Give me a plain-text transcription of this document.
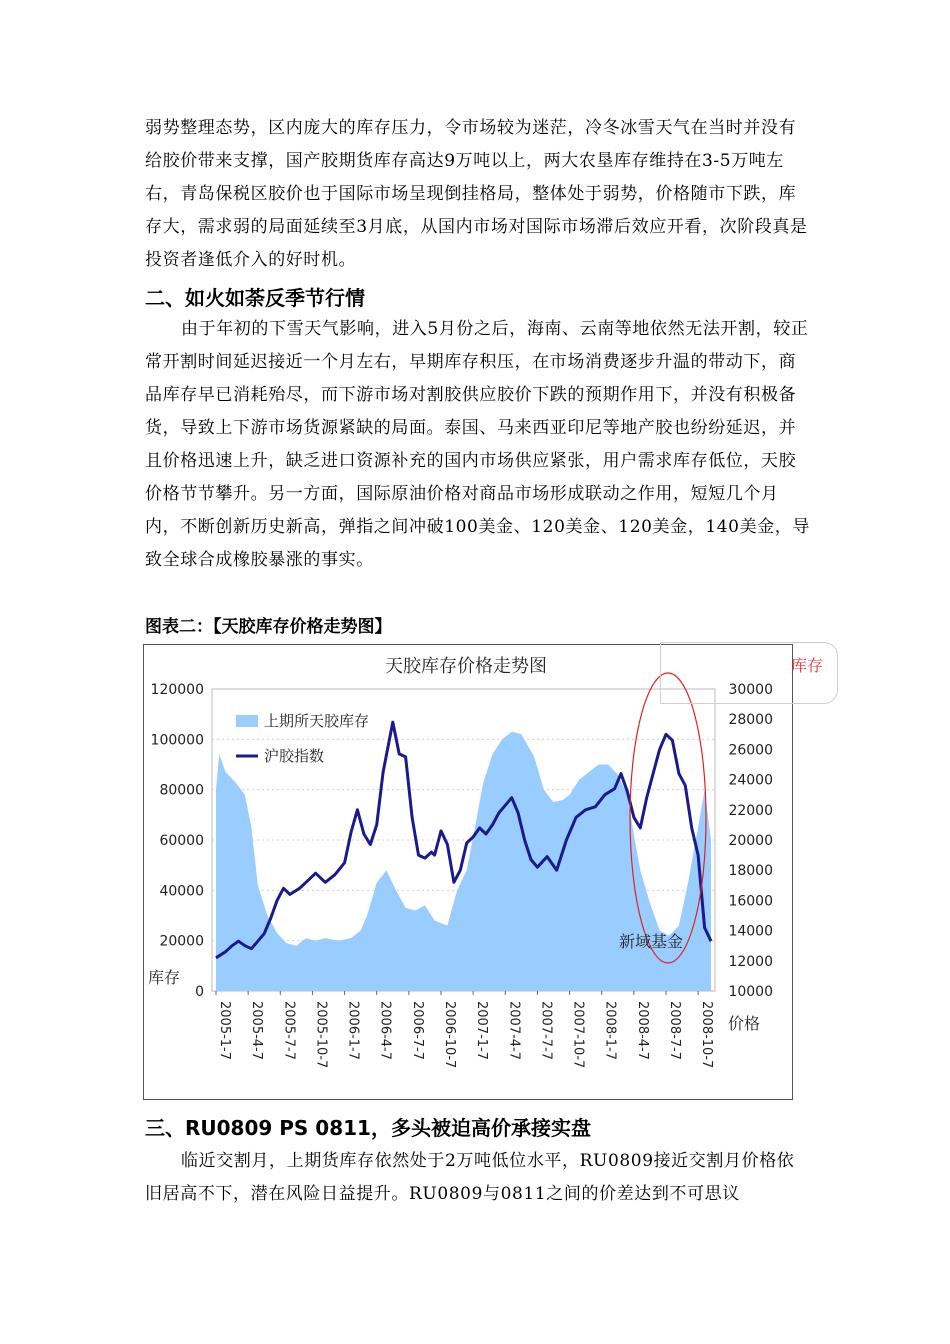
弱势整理态势，区内庞大的库存压力，令市场较为迷茫，冷冬冰雪天气在当时并没有给胶价带来支撑，国产胶期货库存高达9万吨以上，两大农垦库存维持在3-5万吨左右，青岛保税区胶价也于国际市场呈现倒挂格局，整体处于弱势，价格随市下跌，库存大，需求弱的局面延续至3月底，从国内市场对国际市场滞后效应开看，次阶段真是投资者逢低介入的好时机。

二、如火如荼反季节行情

由于年初的下雪天气影响，进入5月份之后，海南、云南等地依然无法开割，较正常开割时间延迟接近一个月左右，早期库存积压，在市场消费逐步升温的带动下，商品库存早已消耗殆尽，而下游市场对割胶供应胶价下跌的预期作用下，并没有积极备货，导致上下游市场货源紧缺的局面。泰国、马来西亚印尼等地产胶也纷纷延迟，并且价格迅速上升，缺乏进口资源补充的国内市场供应紧张，用户需求库存低位，天胶价格节节攀升。另一方面，国际原油价格对商品市场形成联动之作用，短短几个月内，不断创新历史新高，弹指之间冲破100美金、120美金、120美金，140美金，导致全球合成橡胶暴涨的事实。

图表二：【天胶库存价格走势图】

天胶库存价格走势图
新域基金
库存
价格
120000
100000
80000
60000
40000
20000
0
30000
28000
26000
24000
22000
20000
18000
16000
14000
12000
10000
2005-1-7 2005-4-7 2005-7-7 2005-10-7 2006-1-7 2006-4-7 2006-7-7 2006-10-7 2007-1-7 2007-4-7 2007-7-7 2007-10-7 2008-1-7 2008-4-7 2008-7-7 2008-10-7
上期所天胶库存
沪胶指数
库存
三、RU0809 PS 0811，多头被迫高价承接实盘

临近交割月，上期货库存依然处于2万吨低位水平，RU0809接近交割月价格依旧居高不下，潜在风险日益提升。RU0809与0811之间的价差达到不可思议
